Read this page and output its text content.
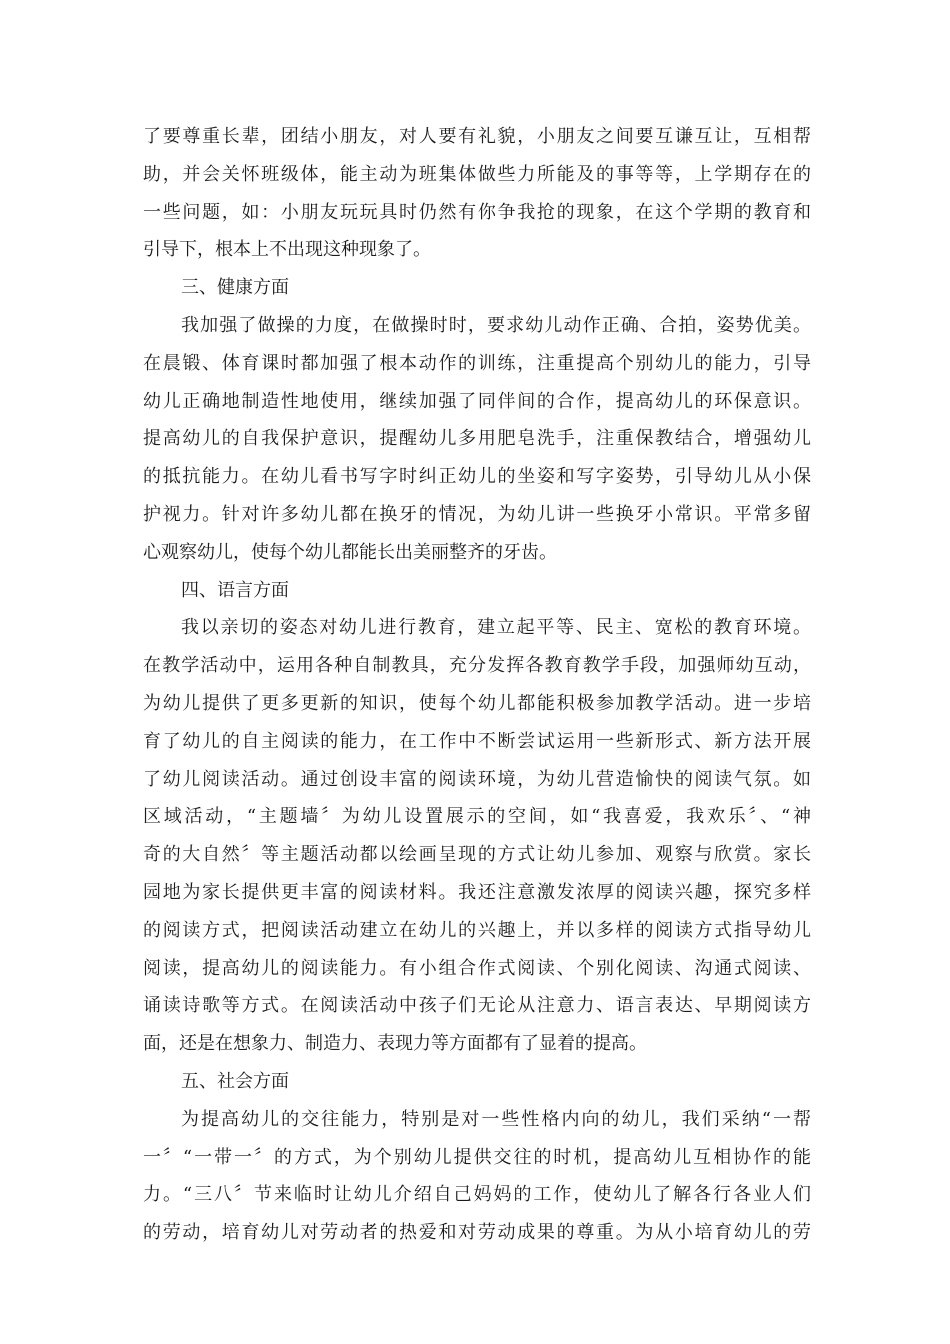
了要尊重长辈，团结小朋友，对人要有礼貌，小朋友之间要互谦互让，互相帮
助，并会关怀班级体，能主动为班集体做些力所能及的事等等，上学期存在的
一些问题，如：小朋友玩玩具时仍然有你争我抢的现象，在这个学期的教育和
引导下，根本上不出现这种现象了。
三、健康方面
我加强了做操的力度，在做操时时，要求幼儿动作正确、合拍，姿势优美。
在晨锻、体育课时都加强了根本动作的训练，注重提高个别幼儿的能力，引导
幼儿正确地制造性地使用，继续加强了同伴间的合作，提高幼儿的环保意识。
提高幼儿的自我保护意识，提醒幼儿多用肥皂洗手，注重保教结合，增强幼儿
的抵抗能力。在幼儿看书写字时纠正幼儿的坐姿和写字姿势，引导幼儿从小保
护视力。针对许多幼儿都在换牙的情况，为幼儿讲一些换牙小常识。平常多留
心观察幼儿，使每个幼儿都能长出美丽整齐的牙齿。
四、语言方面
我以亲切的姿态对幼儿进行教育，建立起平等、民主、宽松的教育环境。
在教学活动中，运用各种自制教具，充分发挥各教育教学手段，加强师幼互动，
为幼儿提供了更多更新的知识，使每个幼儿都能积极参加教学活动。进一步培
育了幼儿的自主阅读的能力，在工作中不断尝试运用一些新形式、新方法开展
了幼儿阅读活动。通过创设丰富的阅读环境，为幼儿营造愉快的阅读气氛。如
区域活动，“主题墙〞为幼儿设置展示的空间，如“我喜爱，我欢乐〞、“神
奇的大自然〞等主题活动都以绘画呈现的方式让幼儿参加、观察与欣赏。家长
园地为家长提供更丰富的阅读材料。我还注意激发浓厚的阅读兴趣，探究多样
的阅读方式，把阅读活动建立在幼儿的兴趣上，并以多样的阅读方式指导幼儿
阅读，提高幼儿的阅读能力。有小组合作式阅读、个别化阅读、沟通式阅读、
诵读诗歌等方式。在阅读活动中孩子们无论从注意力、语言表达、早期阅读方
面，还是在想象力、制造力、表现力等方面都有了显着的提高。
五、社会方面
为提高幼儿的交往能力，特别是对一些性格内向的幼儿，我们采纳“一帮
一〞“一带一〞的方式，为个别幼儿提供交往的时机，提高幼儿互相协作的能
力。“三八〞节来临时让幼儿介绍自己妈妈的工作，使幼儿了解各行各业人们
的劳动，培育幼儿对劳动者的热爱和对劳动成果的尊重。为从小培育幼儿的劳
